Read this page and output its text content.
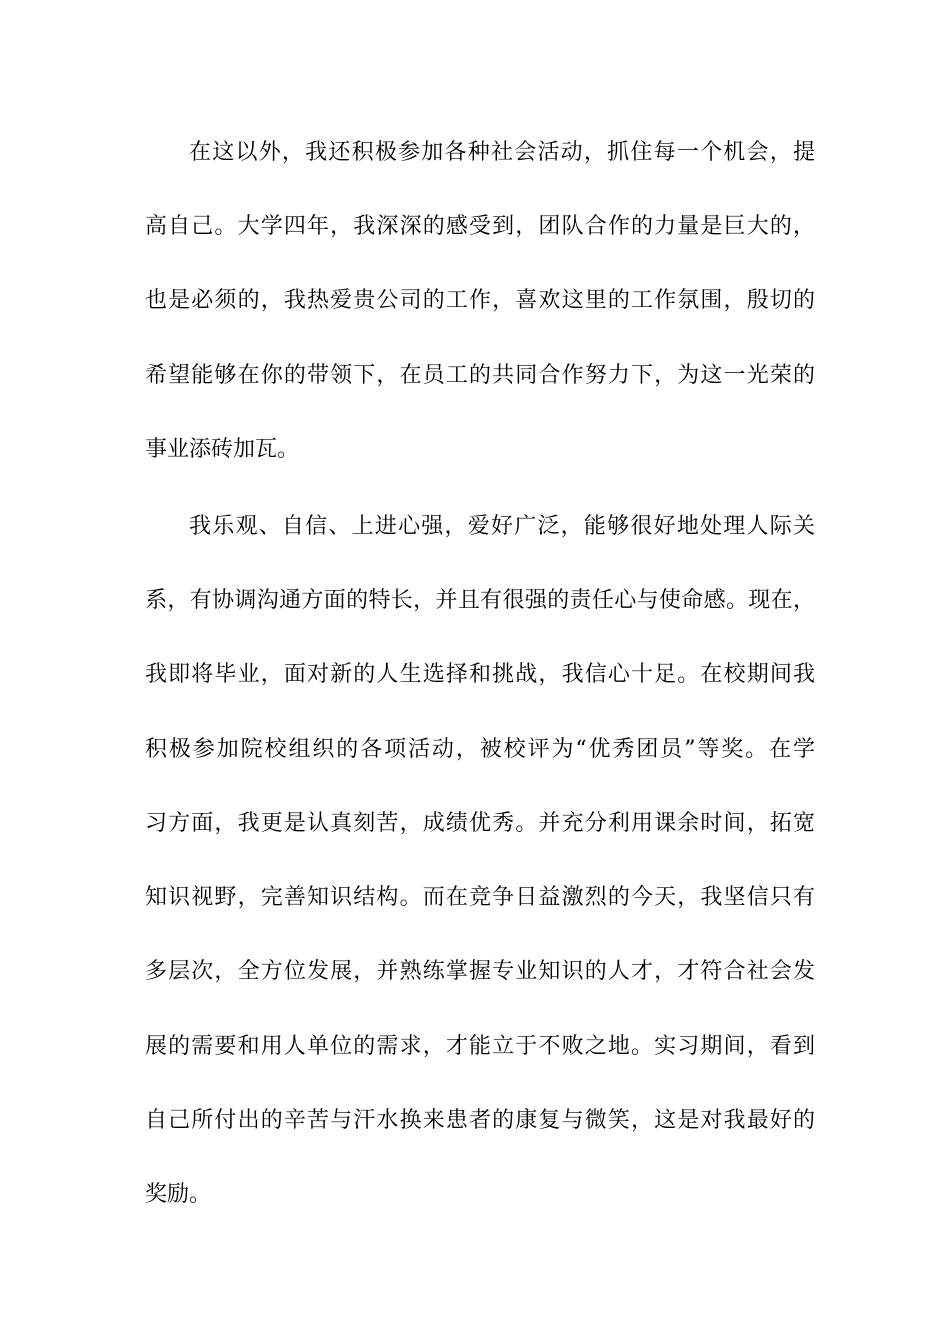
在这以外，我还积极参加各种社会活动，抓住每一个机会，提
高自己。大学四年，我深深的感受到，团队合作的力量是巨大的，
也是必须的，我热爱贵公司的工作，喜欢这里的工作氛围，殷切的
希望能够在你的带领下，在员工的共同合作努力下，为这一光荣的
事业添砖加瓦。
我乐观、自信、上进心强，爱好广泛，能够很好地处理人际关
系，有协调沟通方面的特长，并且有很强的责任心与使命感。现在，
我即将毕业，面对新的人生选择和挑战，我信心十足。在校期间我
积极参加院校组织的各项活动，被校评为“优秀团员”等奖。在学
习方面，我更是认真刻苦，成绩优秀。并充分利用课余时间，拓宽
知识视野，完善知识结构。而在竞争日益激烈的今天，我坚信只有
多层次，全方位发展，并熟练掌握专业知识的人才，才符合社会发
展的需要和用人单位的需求，才能立于不败之地。实习期间，看到
自己所付出的辛苦与汗水换来患者的康复与微笑，这是对我最好的
奖励。
